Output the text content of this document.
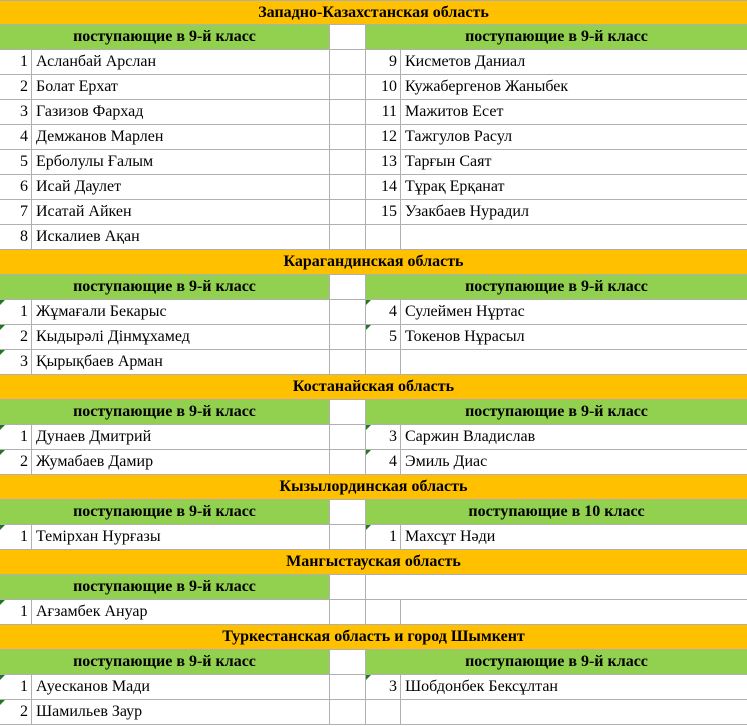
Западно-Казахстанская область
поступающие в 9-й класс	поступающие в 9-й класс
1 Асланбай Арслан	9 Кисметов Даниал
2 Болат Ерхат	10 Кужабергенов Жаныбек
3 Газизов Фархад	11 Мажитов Есет
4 Демжанов Марлен	12 Тажгулов Расул
5 Ерболулы Ғалым	13 Тарғын Саят
6 Исай Даулет	14 Тұрақ Ерқанат
7 Исатай Айкен	15 Узакбаев Нурадил
8 Искалиев Ақан
Карагандинская область
поступающие в 9-й класс	поступающие в 9-й класс
1 Жұмағали Бекарыс	4 Сулеймен Нұртас
2 Кыдырәлі Дінмұхамед	5 Токенов Нұрасыл
3 Қырықбаев Арман
Костанайская область
поступающие в 9-й класс	поступающие в 9-й класс
1 Дунаев Дмитрий	3 Саржин Владислав
2 Жумабаев Дамир	4 Эмиль Диас
Кызылординская область
поступающие в 9-й класс	поступающие в 10 класс
1 Темірхан Нурғазы	1 Махсұт Нәди
Мангыстауская область
поступающие в 9-й класс
1 Ағзамбек Ануар
Туркестанская область и город Шымкент
поступающие в 9-й класс	поступающие в 9-й класс
1 Ауесканов Мади	3 Шобдонбек Бексұлтан
2 Шамильев Заур
